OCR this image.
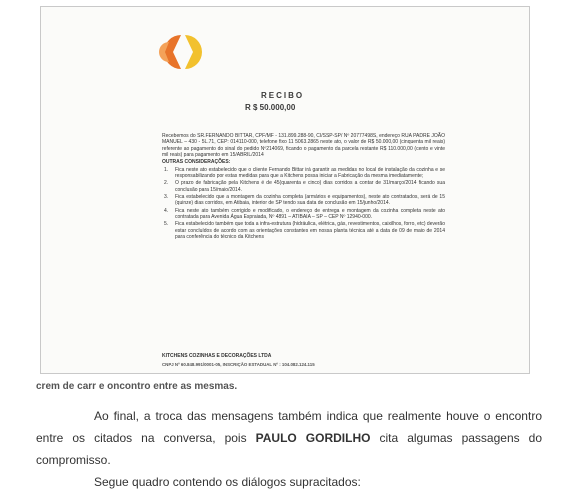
RECIBO
R $ 50.000,00

Recebemos do SR.FERNANDO BITTAR, CPF/MF - 131.899.288-90, CI/SSP-SP/ Nº 20777498S, endereço RUA PADRE JOÃO MANUEL – 430 - 5L.71, CEP: 014110-000, telefone fixo 11 5063.2865 neste ato, o valor de R$ 50.000,00 (cinquenta mil reais) referente ao pagamento do sinal do pedido Nº214069, ficando o pagamento da parcela restante R$ 110.000,00 (cento e vinte mil reais) para pagamento em 15/ABRIL/2014

OUTRAS CONSIDERAÇÕES:

1. Fica neste ato estabelecido que o cliente Fernando Bittar irá garantir as medidas no local de instalação da cozinha e se responsabilizando por estas medidas para que a Kitchens possa iniciar a Fabricação da mesma imediatamente;
2. O prazo de fabricação pela Kitchens é de 45(quarenta e cinco) dias corridos a contar de 31/março/2014 ficando sua conclusão para 15/maio/2014.
3. Fica estabelecido que a montagem da cozinha completa (armários e equipamentos), neste ato contratados, será de 15 (quinze) dias corridos, em Atibaia, interior de SP tendo sua data de conclusão em 15/junho/2014.
4. Fica neste ato também corrigido e modificado, o endereço de entrega e montagem da cozinha completa neste ato contratada para Avenida Água Espraiada, Nº 4891 – ATIBAIA – SP – CEP Nº 12940-000.
5. Fica estabelecido também que toda a infra-estrutura (hidráulica, elétrica, gás, revestimentos, caixilhos, forro, etc) deverão estar concluídos de acordo com as orientações constantes em nossa planta técnica até a data de 09 de maio de 2014 para conferência do técnico da Kitchens
KITCHENS COZINHAS E DECORAÇÕES LTDA
CNPJ Nº 60.848.991/0001-05, INSCRIÇÃO ESTADUAL Nº : 104.082.124.115
crem de carr e oncontro entre as mesmas.

Ao final, a troca das mensagens também indica que realmente houve o encontro entre os citados na conversa, pois PAULO GORDILHO cita algumas passagens do compromisso.

Segue quadro contendo os diálogos supracitados:
